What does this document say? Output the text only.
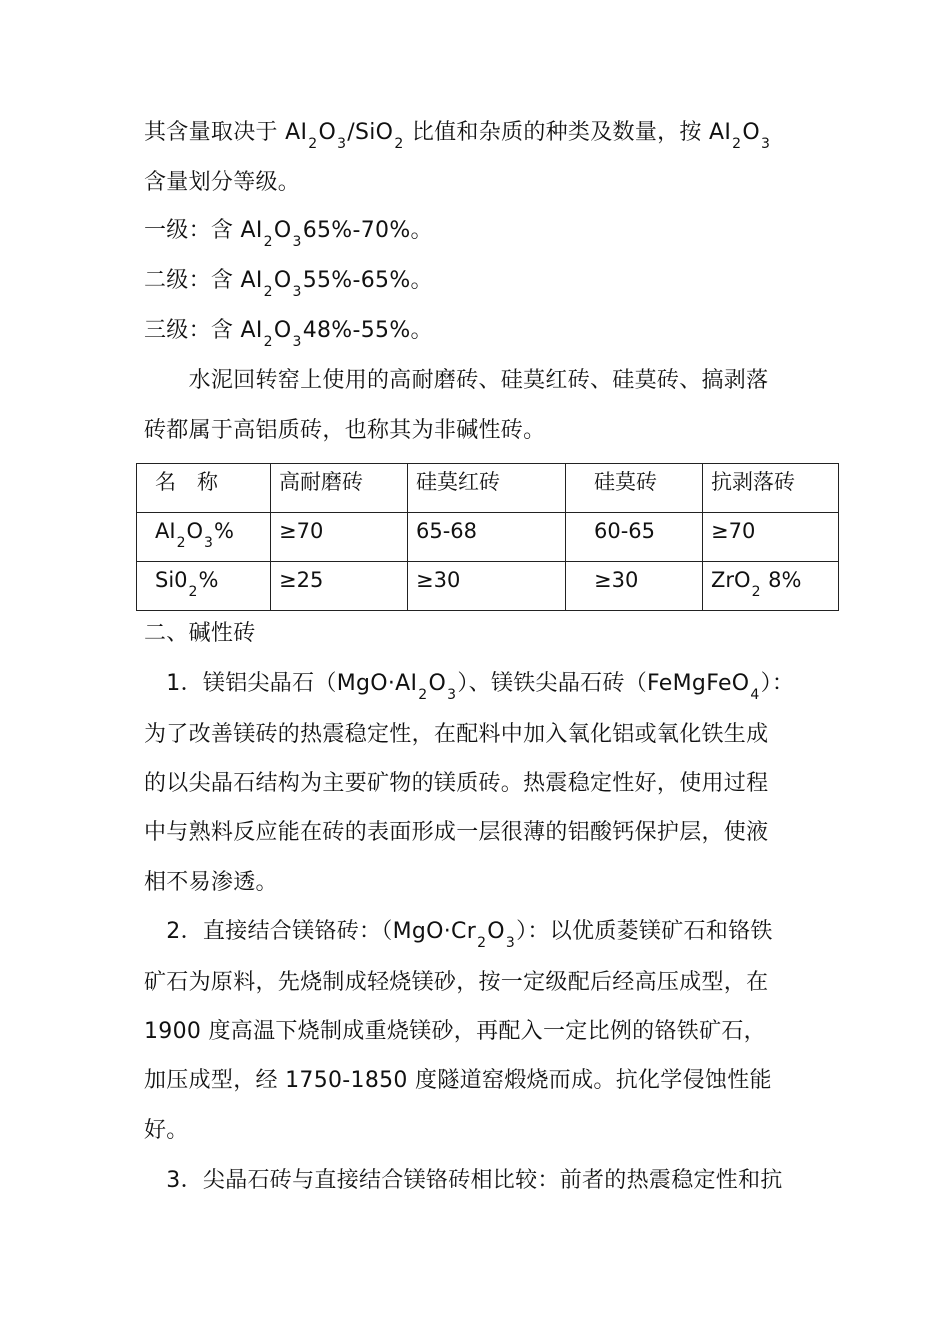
其含量取决于 $AI_2O_3/SiO_2$ 比值和杂质的种类及数量，按 $AI_2O_3$
含量划分等级。
一级：含 $AI_2O_365\%-70\%$。
二级：含 $AI_2O_355\%-65\%$。
三级：含 $AI_2O_348\%-55\%$。
　　水泥回转窑上使用的高耐磨砖、硅莫红砖、硅莫砖、搞剥落
砖都属于高铝质砖，也称其为非碱性砖。
名　称	高耐磨砖	硅莫红砖	硅莫砖	抗剥落砖
$AI_2O_3\%$	≥70	65-68	60-65	≥70
$Si0_2\%$	≥25	≥30	≥30	ZrO$_2$ 8%
二、碱性砖
　1．镁铝尖晶石$(MgO\cdot AI_2O_3)$、镁铁尖晶石砖（FeMgFeO$_4$）：
为了改善镁砖的热震稳定性，在配料中加入氧化铝或氧化铁生成
的以尖晶石结构为主要矿物的镁质砖。热震稳定性好，使用过程
中与熟料反应能在砖的表面形成一层很薄的铝酸钙保护层，使液
相不易渗透。
　2．直接结合镁铬砖：$(MgO\cdot Cr_2O_3)$：以优质菱镁矿石和铬铁
矿石为原料，先烧制成轻烧镁砂，按一定级配后经高压成型，在
1900 度高温下烧制成重烧镁砂，再配入一定比例的铬铁矿石，
加压成型，经 1750-1850 度隧道窑煅烧而成。抗化学侵蚀性能
好。
　3．尖晶石砖与直接结合镁铬砖相比较：前者的热震稳定性和抗
